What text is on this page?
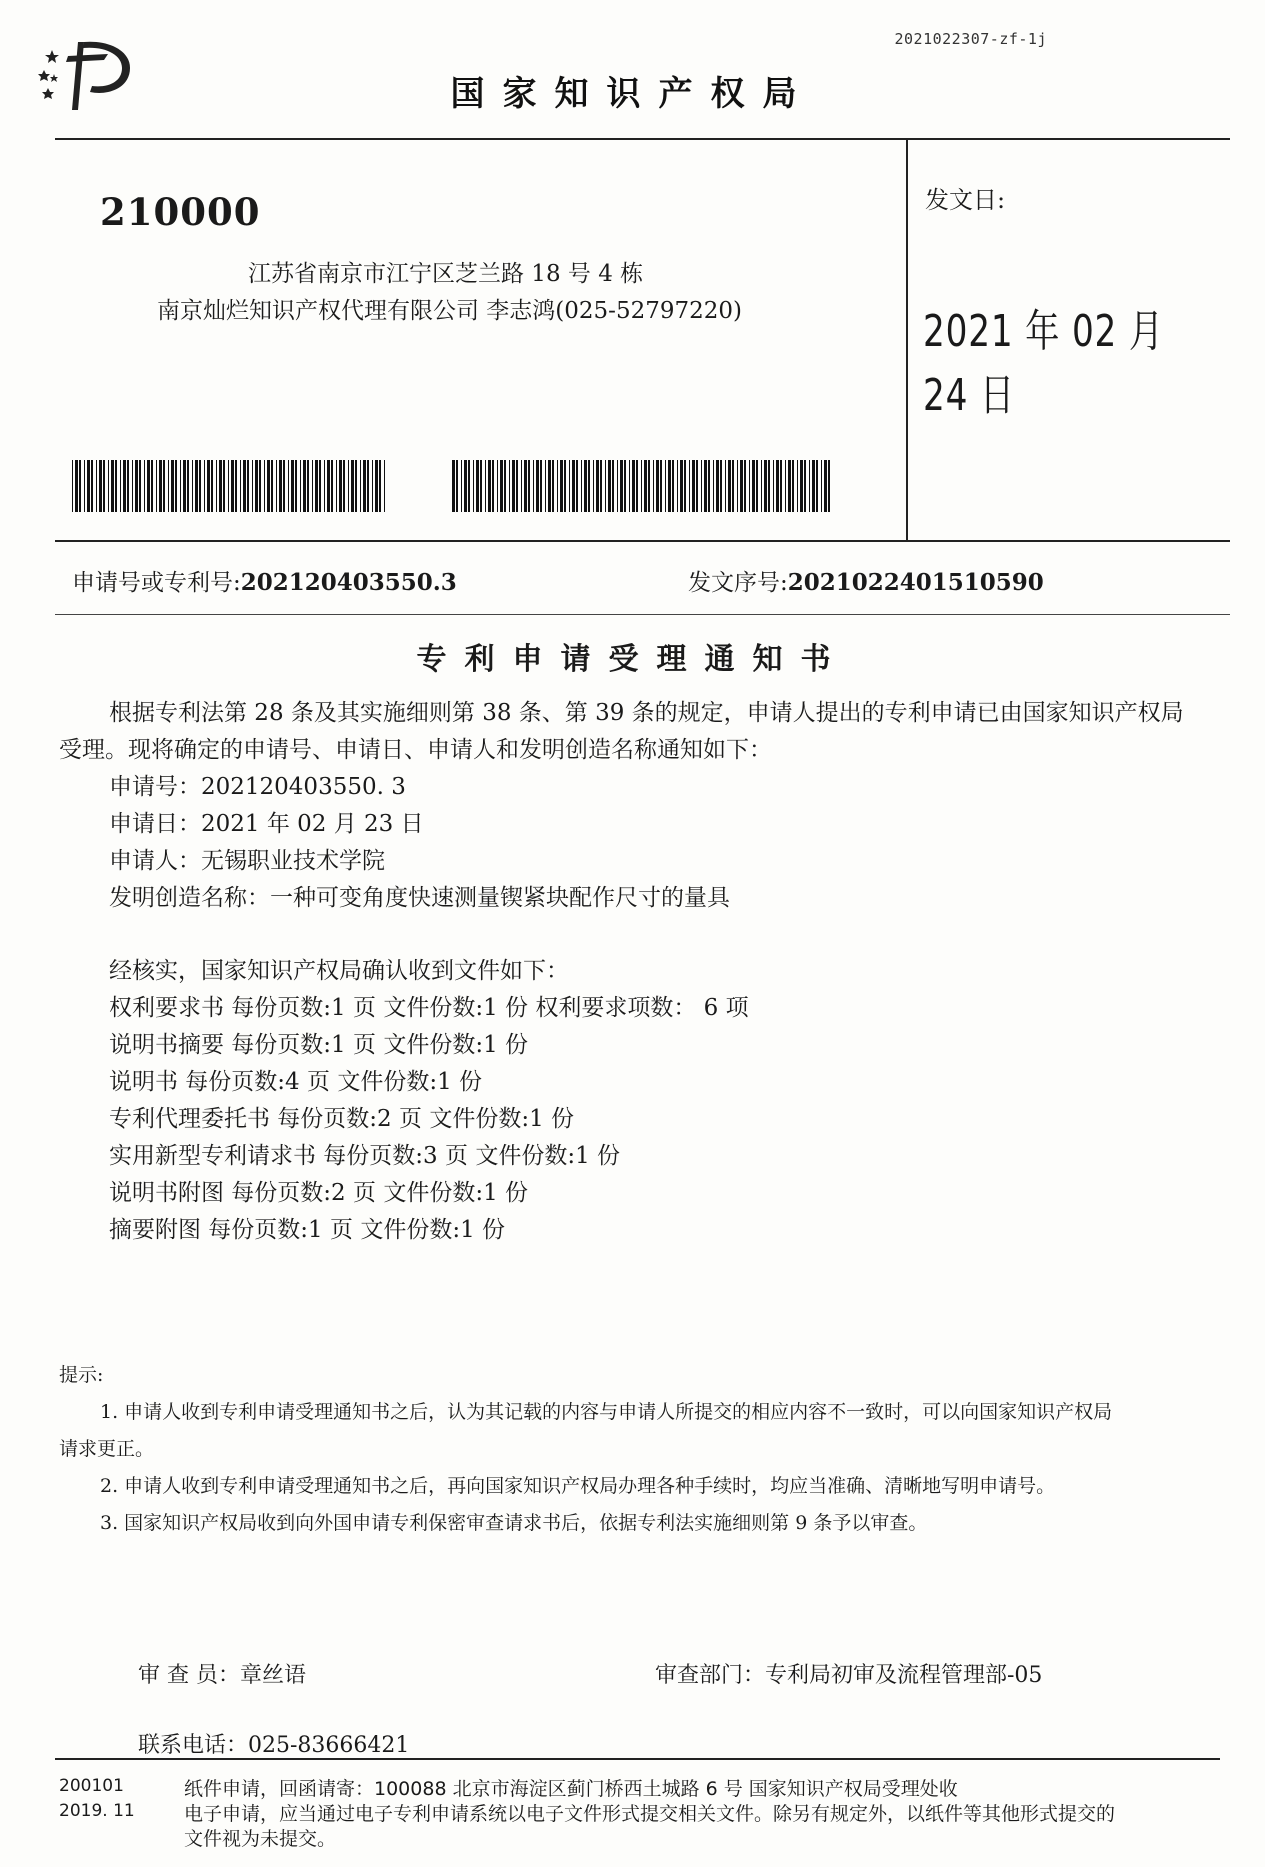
2021022307-zf-1j
国家知识产权局
210000
江苏省南京市江宁区芝兰路 18 号 4 栋
南京灿烂知识产权代理有限公司 李志鸿(025-52797220)
发文日:
2021 年 02 月 24 日
申请号或专利号:202120403550.3	发文序号:2021022401510590
专利申请受理通知书
根据专利法第 28 条及其实施细则第 38 条、第 39 条的规定，申请人提出的专利申请已由国家知识产权局
受理。现将确定的申请号、申请日、申请人和发明创造名称通知如下：
申请号：202120403550. 3
申请日：2021 年 02 月 23 日
申请人：无锡职业技术学院
发明创造名称：一种可变角度快速测量锲紧块配作尺寸的量具
经核实，国家知识产权局确认收到文件如下：
权利要求书 每份页数:1 页 文件份数:1 份 权利要求项数： 6 项
说明书摘要 每份页数:1 页 文件份数:1 份
说明书 每份页数:4 页 文件份数:1 份
专利代理委托书 每份页数:2 页 文件份数:1 份
实用新型专利请求书 每份页数:3 页 文件份数:1 份
说明书附图 每份页数:2 页 文件份数:1 份
摘要附图 每份页数:1 页 文件份数:1 份
提示:
1. 申请人收到专利申请受理通知书之后，认为其记载的内容与申请人所提交的相应内容不一致时，可以向国家知识产权局
请求更正。
2. 申请人收到专利申请受理通知书之后，再向国家知识产权局办理各种手续时，均应当准确、清晰地写明申请号。
3. 国家知识产权局收到向外国申请专利保密审查请求书后，依据专利法实施细则第 9 条予以审查。
审 查 员：章丝语	审查部门：专利局初审及流程管理部-05
联系电话：025-83666421
200101
2019. 11
纸件申请，回函请寄：100088 北京市海淀区蓟门桥西土城路 6 号 国家知识产权局受理处收
电子申请，应当通过电子专利申请系统以电子文件形式提交相关文件。除另有规定外，以纸件等其他形式提交的
文件视为未提交。
